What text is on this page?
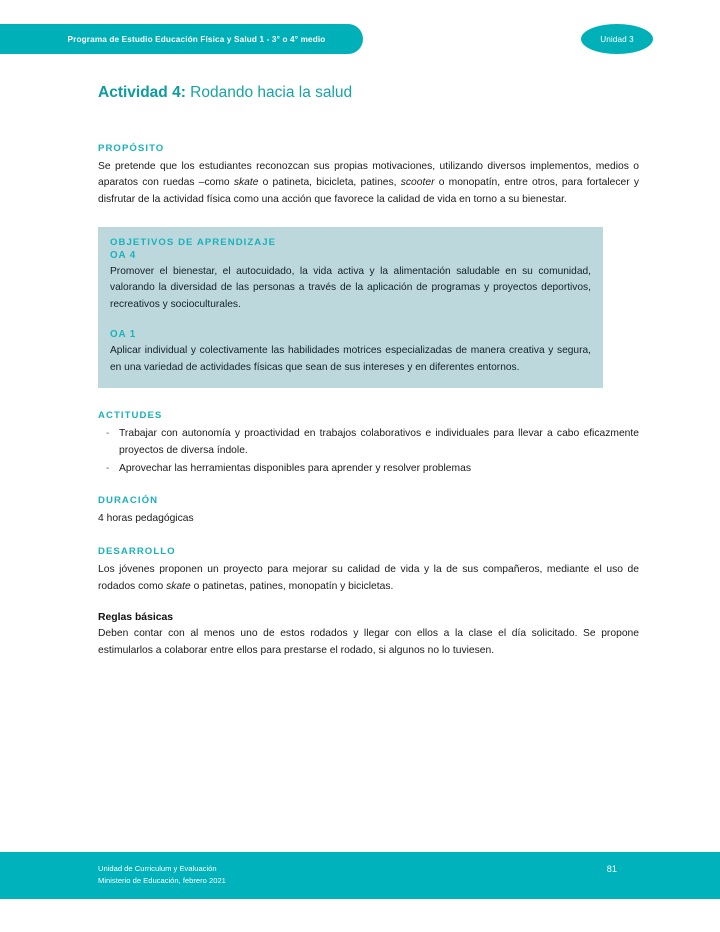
Programa de Estudio Educación Física y Salud 1 - 3° o 4° medio	Unidad 3
Actividad 4: Rodando hacia la salud
PROPÓSITO

Se pretende que los estudiantes reconozcan sus propias motivaciones, utilizando diversos implementos, medios o aparatos con ruedas –como skate o patineta, bicicleta, patines, scooter o monopatín, entre otros, para fortalecer y disfrutar de la actividad física como una acción que favorece la calidad de vida en torno a su bienestar.

OBJETIVOS DE APRENDIZAJE
OA 4

Promover el bienestar, el autocuidado, la vida activa y la alimentación saludable en su comunidad, valorando la diversidad de las personas a través de la aplicación de programas y proyectos deportivos, recreativos y socioculturales.

OA 1

Aplicar individual y colectivamente las habilidades motrices especializadas de manera creativa y segura, en una variedad de actividades físicas que sean de sus intereses y en diferentes entornos.

ACTITUDES
- Trabajar con autonomía y proactividad en trabajos colaborativos e individuales para llevar a cabo eficazmente proyectos de diversa índole.
- Aprovechar las herramientas disponibles para aprender y resolver problemas
DURACIÓN

4 horas pedagógicas

DESARROLLO

Los jóvenes proponen un proyecto para mejorar su calidad de vida y la de sus compañeros, mediante el uso de rodados como skate o patinetas, patines, monopatín y bicicletas.

Reglas básicas

Deben contar con al menos uno de estos rodados y llegar con ellos a la clase el día solicitado. Se propone estimularlos a colaborar entre ellos para prestarse el rodado, si algunos no lo tuviesen.

Unidad de Curriculum y Evaluación
Ministerio de Educación, febrero 2021
81
